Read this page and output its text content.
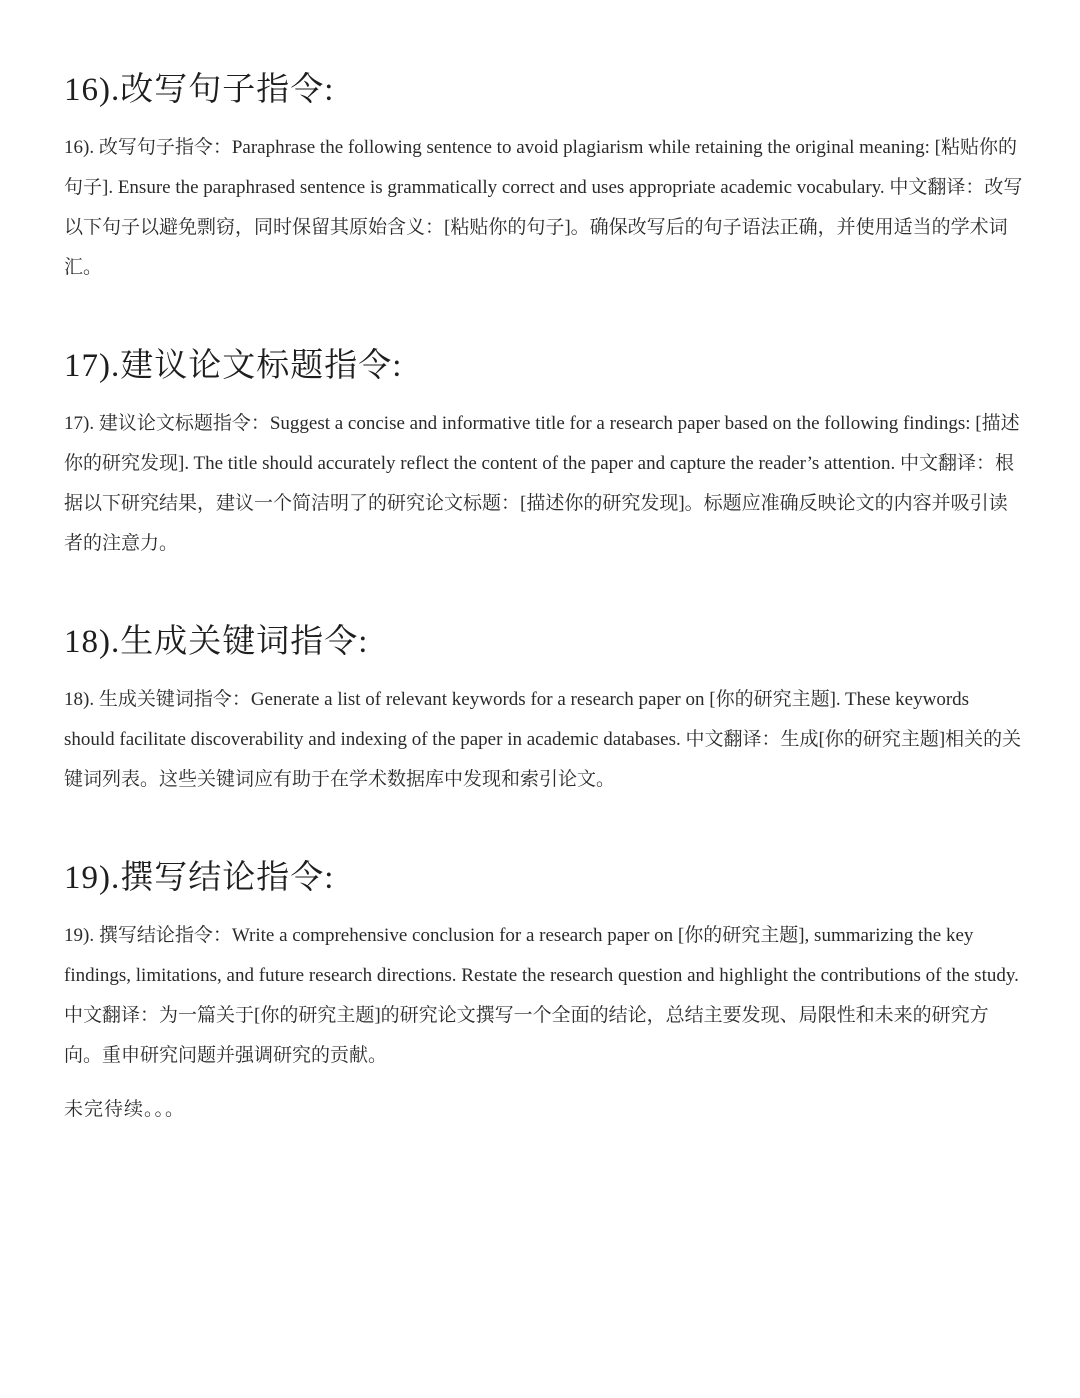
16).改写句子指令:

16). 改写句子指令：Paraphrase the following sentence to avoid plagiarism while retaining the original meaning: [粘贴你的句子]. Ensure the paraphrased sentence is grammatically correct and uses appropriate academic vocabulary. 中文翻译：改写以下句子以避免剽窃，同时保留其原始含义：[粘贴你的句子]。确保改写后的句子语法正确，并使用适当的学术词汇。

17).建议论文标题指令:

17). 建议论文标题指令：Suggest a concise and informative title for a research paper based on the following findings: [描述你的研究发现]. The title should accurately reflect the content of the paper and capture the reader’s attention. 中文翻译：根据以下研究结果，建议一个简洁明了的研究论文标题：[描述你的研究发现]。标题应准确反映论文的内容并吸引读者的注意力。

18).生成关键词指令:

18). 生成关键词指令：Generate a list of relevant keywords for a research paper on [你的研究主题]. These keywords should facilitate discoverability and indexing of the paper in academic databases. 中文翻译：生成[你的研究主题]相关的关键词列表。这些关键词应有助于在学术数据库中发现和索引论文。

19).撰写结论指令:

19). 撰写结论指令：Write a comprehensive conclusion for a research paper on [你的研究主题], summarizing the key findings, limitations, and future research directions. Restate the research question and highlight the contributions of the study. 中文翻译：为一篇关于[你的研究主题]的研究论文撰写一个全面的结论，总结主要发现、局限性和未来的研究方向。重申研究问题并强调研究的贡献。

未完待续。。。
